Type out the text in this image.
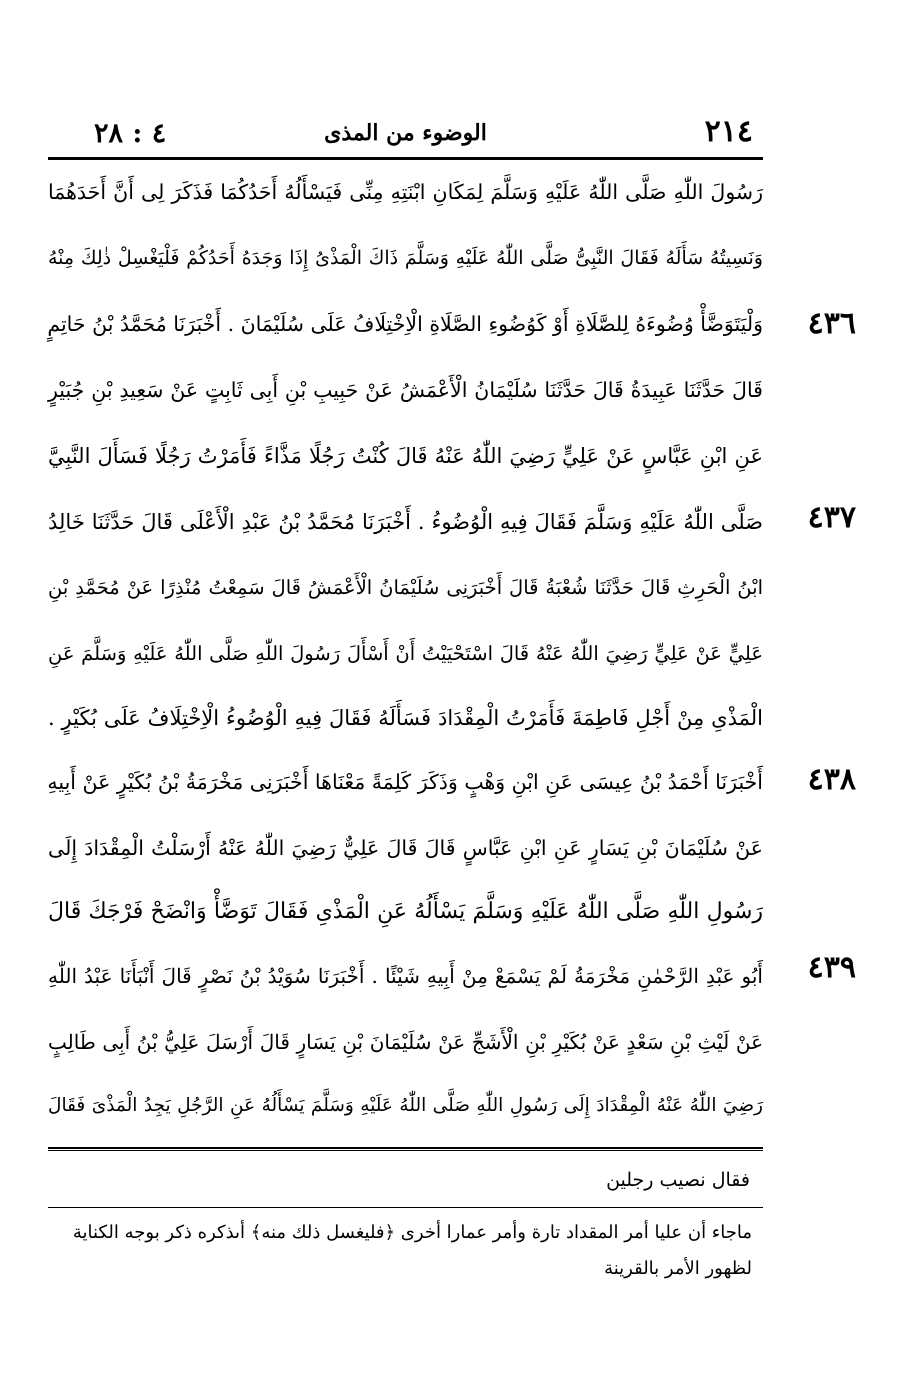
٢١٤
الوضوء من المذى
٤ : ٢٨
رَسُولَ اللّٰهِ صَلَّى اللّٰهُ عَلَيْهِ وَسَلَّمَ لِمَكَانِ ابْنَتِهِ مِنِّى فَيَسْأَلُهُ أَحَدُكُمَا فَذَكَرَ لِى أَنَّ أَحَدَهُمَا
وَنَسِيتُهُ سَأَلَهُ فَقَالَ النَّبِىُّ صَلَّى اللّٰهُ عَلَيْهِ وَسَلَّمَ ذَاكَ الْمَذْىُ إِذَا وَجَدَهُ أَحَدُكُمْ فَلْيَغْسِلْ ذٰلِكَ مِنْهُ
وَلْيَتَوَضَّأْ وُضُوءَهُ لِلصَّلَاةِ أَوْ كَوُضُوءِ الصَّلَاةِ الْاِخْتِلَافُ عَلَى سُلَيْمَانَ . أَخْبَرَنَا مُحَمَّدُ بْنُ حَاتِمٍ
قَالَ حَدَّثَنَا عَبِيدَةُ قَالَ حَدَّثَنَا سُلَيْمَانُ الْأَعْمَشُ عَنْ حَبِيبِ بْنِ أَبِى ثَابِتٍ عَنْ سَعِيدِ بْنِ جُبَيْرٍ
عَنِ ابْنِ عَبَّاسٍ عَنْ عَلِيٍّ رَضِيَ اللّٰهُ عَنْهُ قَالَ كُنْتُ رَجُلًا مَذَّاءً فَأَمَرْتُ رَجُلًا فَسَأَلَ النَّبِيَّ
صَلَّى اللّٰهُ عَلَيْهِ وَسَلَّمَ فَقَالَ فِيهِ الْوُضُوءُ . أَخْبَرَنَا مُحَمَّدُ بْنُ عَبْدِ الْأَعْلَى قَالَ حَدَّثَنَا خَالِدُ
ابْنُ الْحَرِثِ قَالَ حَدَّثَنَا شُعْبَةُ قَالَ أَخْبَرَنِى سُلَيْمَانُ الْأَعْمَشُ قَالَ سَمِعْتُ مُنْذِرًا عَنْ مُحَمَّدِ بْنِ
عَلِيٍّ عَنْ عَلِيٍّ رَضِيَ اللّٰهُ عَنْهُ قَالَ اسْتَحْيَيْتُ أَنْ أَسْأَلَ رَسُولَ اللّٰهِ صَلَّى اللّٰهُ عَلَيْهِ وَسَلَّمَ عَنِ
الْمَذْىِ مِنْ أَجْلِ فَاطِمَةَ فَأَمَرْتُ الْمِقْدَادَ فَسَأَلَهُ فَقَالَ فِيهِ الْوُضُوءُ الْاِخْتِلَافُ عَلَى بُكَيْرٍ .
أَخْبَرَنَا أَحْمَدُ بْنُ عِيسَى عَنِ ابْنِ وَهْبٍ وَذَكَرَ كَلِمَةً مَعْنَاهَا أَخْبَرَنِى مَخْرَمَةُ بْنُ بُكَيْرٍ عَنْ أَبِيهِ
عَنْ سُلَيْمَانَ بْنِ يَسَارٍ عَنِ ابْنِ عَبَّاسٍ قَالَ قَالَ عَلِيٌّ رَضِيَ اللّٰهُ عَنْهُ أَرْسَلْتُ الْمِقْدَادَ إِلَى
رَسُولِ اللّٰهِ صَلَّى اللّٰهُ عَلَيْهِ وَسَلَّمَ يَسْأَلُهُ عَنِ الْمَذْىِ فَقَالَ تَوَضَّأْ وَانْضَحْ فَرْجَكَ قَالَ
أَبُو عَبْدِ الرَّحْمٰنِ مَخْرَمَةُ لَمْ يَسْمَعْ مِنْ أَبِيهِ شَيْئًا . أَخْبَرَنَا سُوَيْدُ بْنُ نَصْرٍ قَالَ أَنْبَأَنَا عَبْدُ اللّٰهِ
عَنْ لَيْثِ بْنِ سَعْدٍ عَنْ بُكَيْرِ بْنِ الْأَشَجِّ عَنْ سُلَيْمَانَ بْنِ يَسَارٍ قَالَ أَرْسَلَ عَلِيُّ بْنُ أَبِى طَالِبٍ
رَضِيَ اللّٰهُ عَنْهُ الْمِقْدَادَ إِلَى رَسُولِ اللّٰهِ صَلَّى اللّٰهُ عَلَيْهِ وَسَلَّمَ يَسْأَلُهُ عَنِ الرَّجُلِ يَجِدُ الْمَذْىَ فَقَالَ
٤٣٦
٤٣٧
٤٣٨
٤٣٩
فقال نصيب رجلين
ماجاء أن عليا أمر المقداد تارة وأمر عمارا أخرى ﴿فليغسل ذلك منه﴾ أىذكره ذكر بوجه الكناية
لظهور الأمر بالقرينة
